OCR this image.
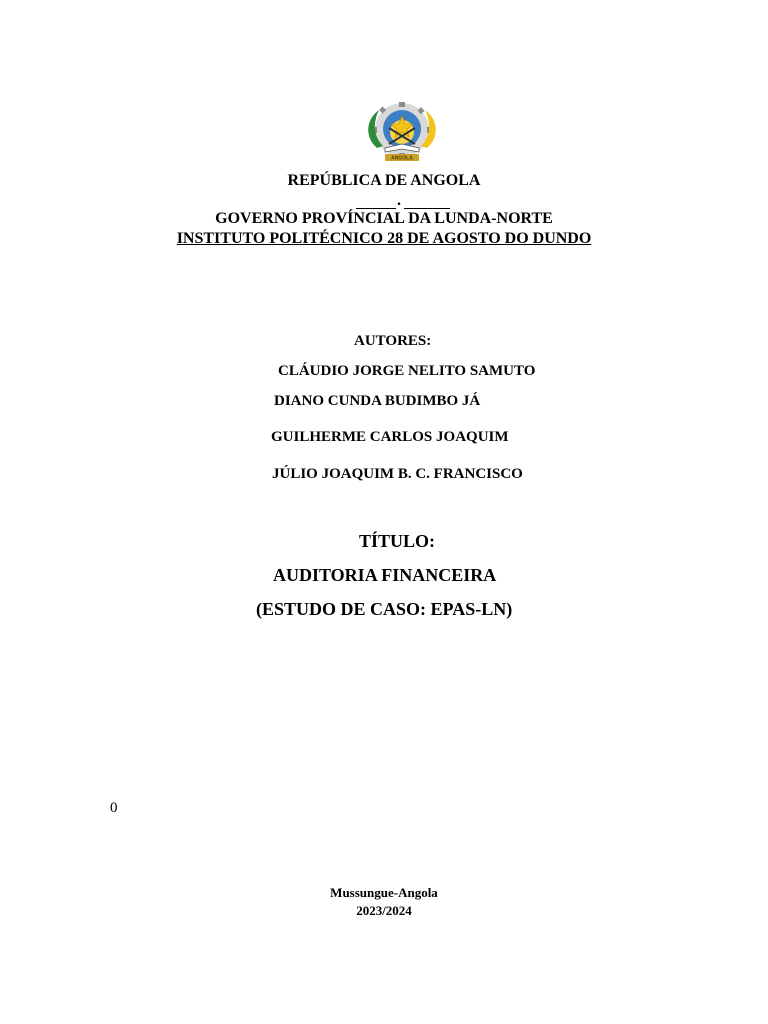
ANGOLA
REPÚBLICA DE ANGOLA
.
GOVERNO PROVÍNCIAL DA LUNDA-NORTE
INSTITUTO POLITÉCNICO 28 DE AGOSTO DO DUNDO
AUTORES:
CLÁUDIO JORGE NELITO SAMUTO
DIANO CUNDA BUDIMBO JÁ
GUILHERME CARLOS JOAQUIM
JÚLIO JOAQUIM B. C. FRANCISCO
TÍTULO:
AUDITORIA FINANCEIRA
(ESTUDO DE CASO: EPAS-LN)
0
Mussungue-Angola
2023/2024
